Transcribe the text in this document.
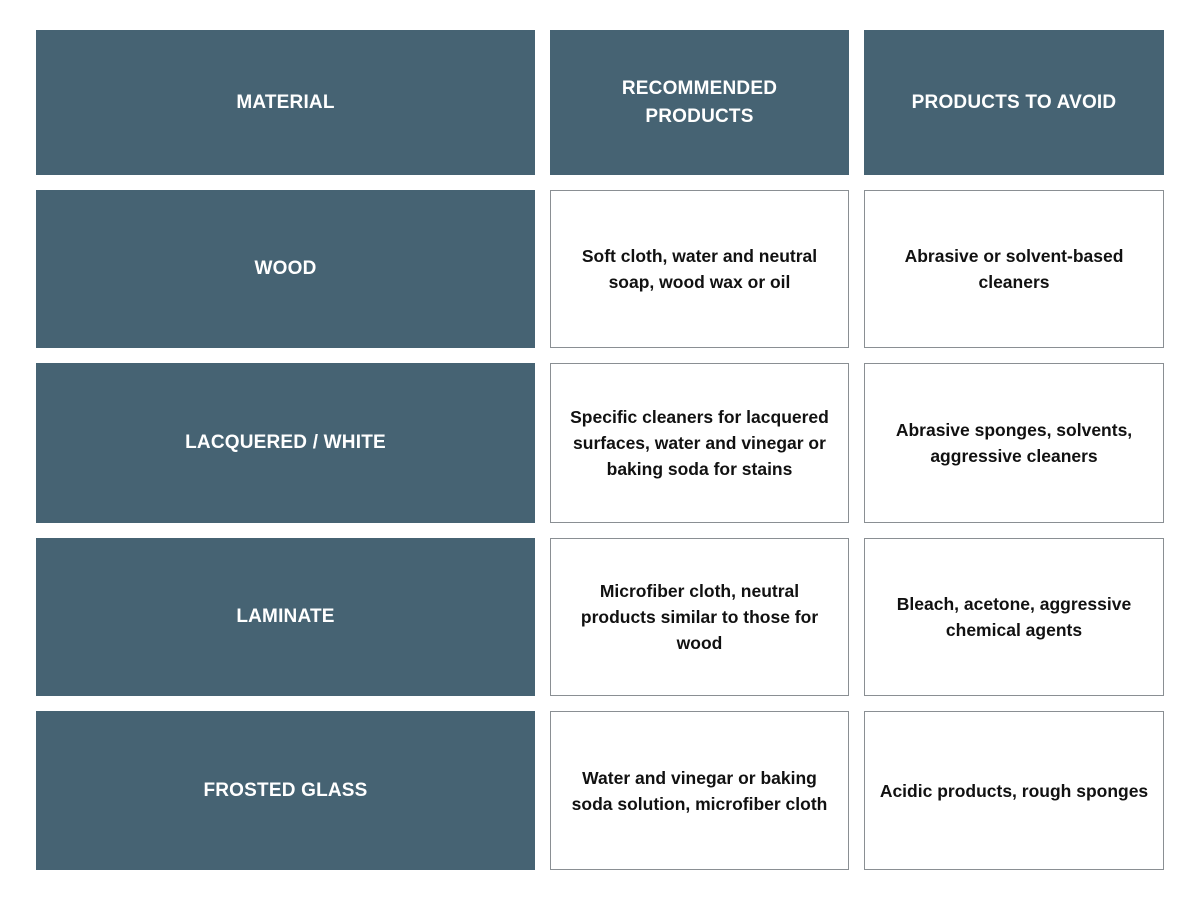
MATERIAL
RECOMMENDED
PRODUCTS
PRODUCTS TO AVOID
WOOD
Soft cloth, water and neutral
soap, wood wax or oil
Abrasive or solvent-based
cleaners
LACQUERED / WHITE
Specific cleaners for lacquered
surfaces, water and vinegar or
baking soda for stains
Abrasive sponges, solvents,
aggressive cleaners
LAMINATE
Microfiber cloth, neutral
products similar to those for
wood
Bleach, acetone, aggressive
chemical agents
FROSTED GLASS
Water and vinegar or baking
soda solution, microfiber cloth
Acidic products, rough sponges
